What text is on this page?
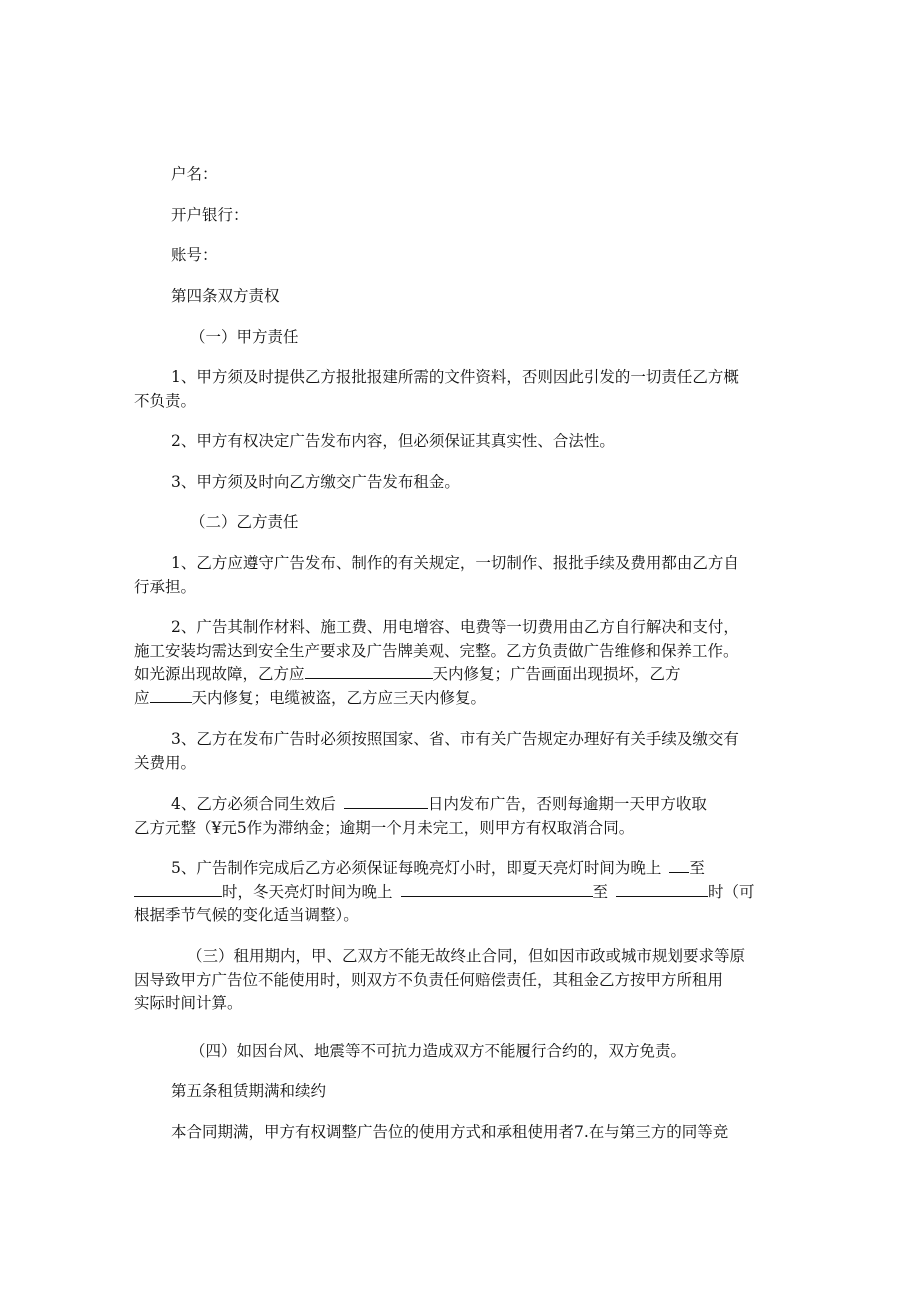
户名：

开户银行：

账号：

第四条双方责权

（一）甲方责任

1、甲方须及时提供乙方报批报建所需的文件资料，否则因此引发的一切责任乙方概
不负责。

2、甲方有权决定广告发布内容，但必须保证其真实性、合法性。

3、甲方须及时向乙方缴交广告发布租金。

（二）乙方责任

1、乙方应遵守广告发布、制作的有关规定，一切制作、报批手续及费用都由乙方自
行承担。
2、广告其制作材料、施工费、用电增容、电费等一切费用由乙方自行解决和支付，
施工安装均需达到安全生产要求及广告牌美观、完整。乙方负责做广告维修和保养工作。
如光源出现故障，乙方应	天内修复；广告画面出现损坏，乙方
应	天内修复；电缆被盗，乙方应三天内修复。
3、乙方在发布广告时必须按照国家、省、市有关广告规定办理好有关手续及缴交有
关费用。
4、乙方必须合同生效后	日内发布广告，否则每逾期一天甲方收取
乙方元整（¥元5作为滞纳金；逾期一个月未完工，则甲方有权取消合同。
5、广告制作完成后乙方必须保证每晚亮灯小时，即夏天亮灯时间为晚上 至
时，冬天亮灯时间为晚上	至	时（可
根据季节气候的变化适当调整）。
（三）租用期内，甲、乙双方不能无故终止合同，但如因市政或城市规划要求等原
因导致甲方广告位不能使用时，则双方不负责任何赔偿责任，其租金乙方按甲方所租用
实际时间计算。

（四）如因台风、地震等不可抗力造成双方不能履行合约的，双方免责。

第五条租赁期满和续约

本合同期满，甲方有权调整广告位的使用方式和承租使用者7.在与第三方的同等竞
